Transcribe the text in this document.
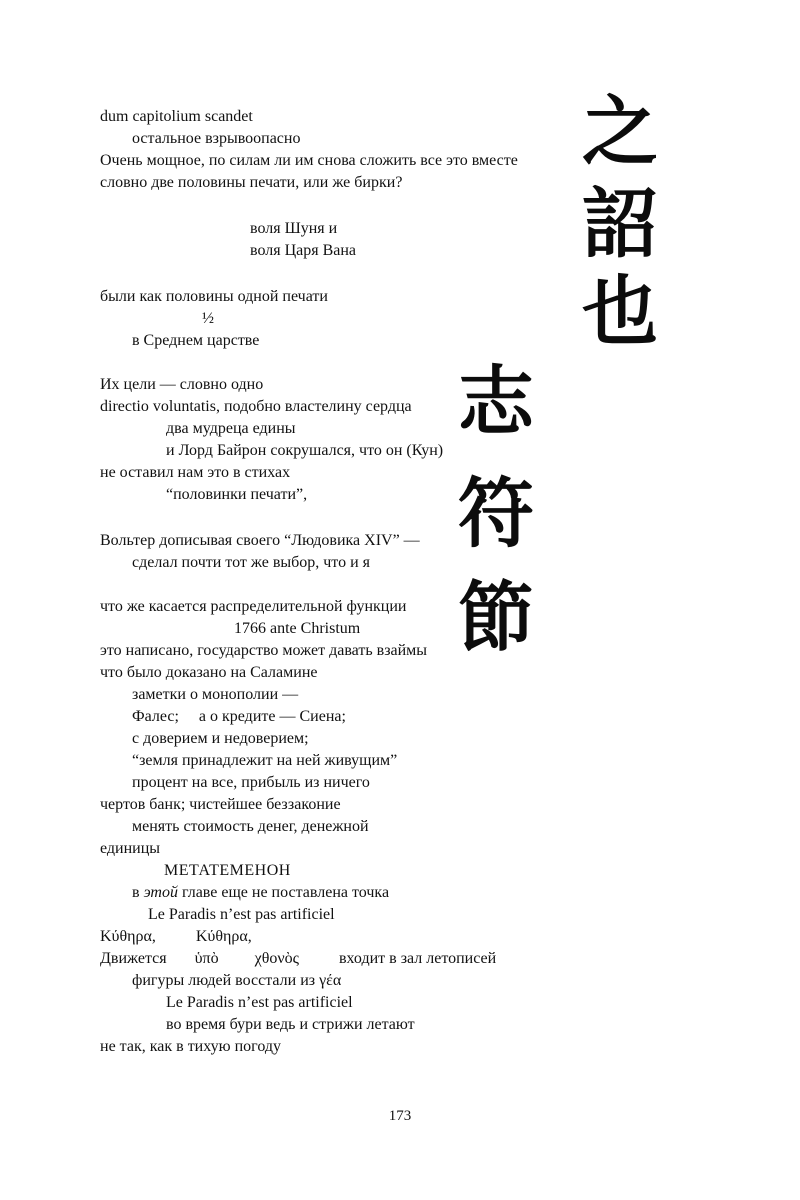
dum capitolium scandet
остальное взрывоопасно
Очень мощное, по силам ли им снова сложить все это вместе
словно две половины печати, или же бирки?
воля Шуня и
воля Царя Вана
были как половины одной печати
½
в Среднем царстве
Их цели — словно одно
directio voluntatis, подобно властелину сердца
два мудреца едины
и Лорд Байрон сокрушался, что он (Кун)
не оставил нам это в стихах
“половинки печати”,
Вольтер дописывая своего “Людовика XIV” —
сделал почти тот же выбор, что и я
что же касается распределительной функции
1766 ante Christum
это написано, государство может давать взаймы
что было доказано на Саламине
заметки о монополии —
Фалес;     а о кредите — Сиена;
с доверием и недоверием;
“земля принадлежит на ней живущим”
процент на все, прибыль из ничего
чертов банк; чистейшее беззаконие
менять стоимость денег, денежной
единицы
МЕТАТЕМЕНОН
в этой главе еще не поставлена точка
Le Paradis n’est pas artificiel
Κύθηρα,          Κύθηρα,
Движется       ὑπὸ         χθονὸς          входит в зал летописей
фигуры людей восстали из γέα
Le Paradis n’est pas artificiel
во время бури ведь и стрижи летают
не так, как в тихую погоду
之
詔
也
志
符
節
173
